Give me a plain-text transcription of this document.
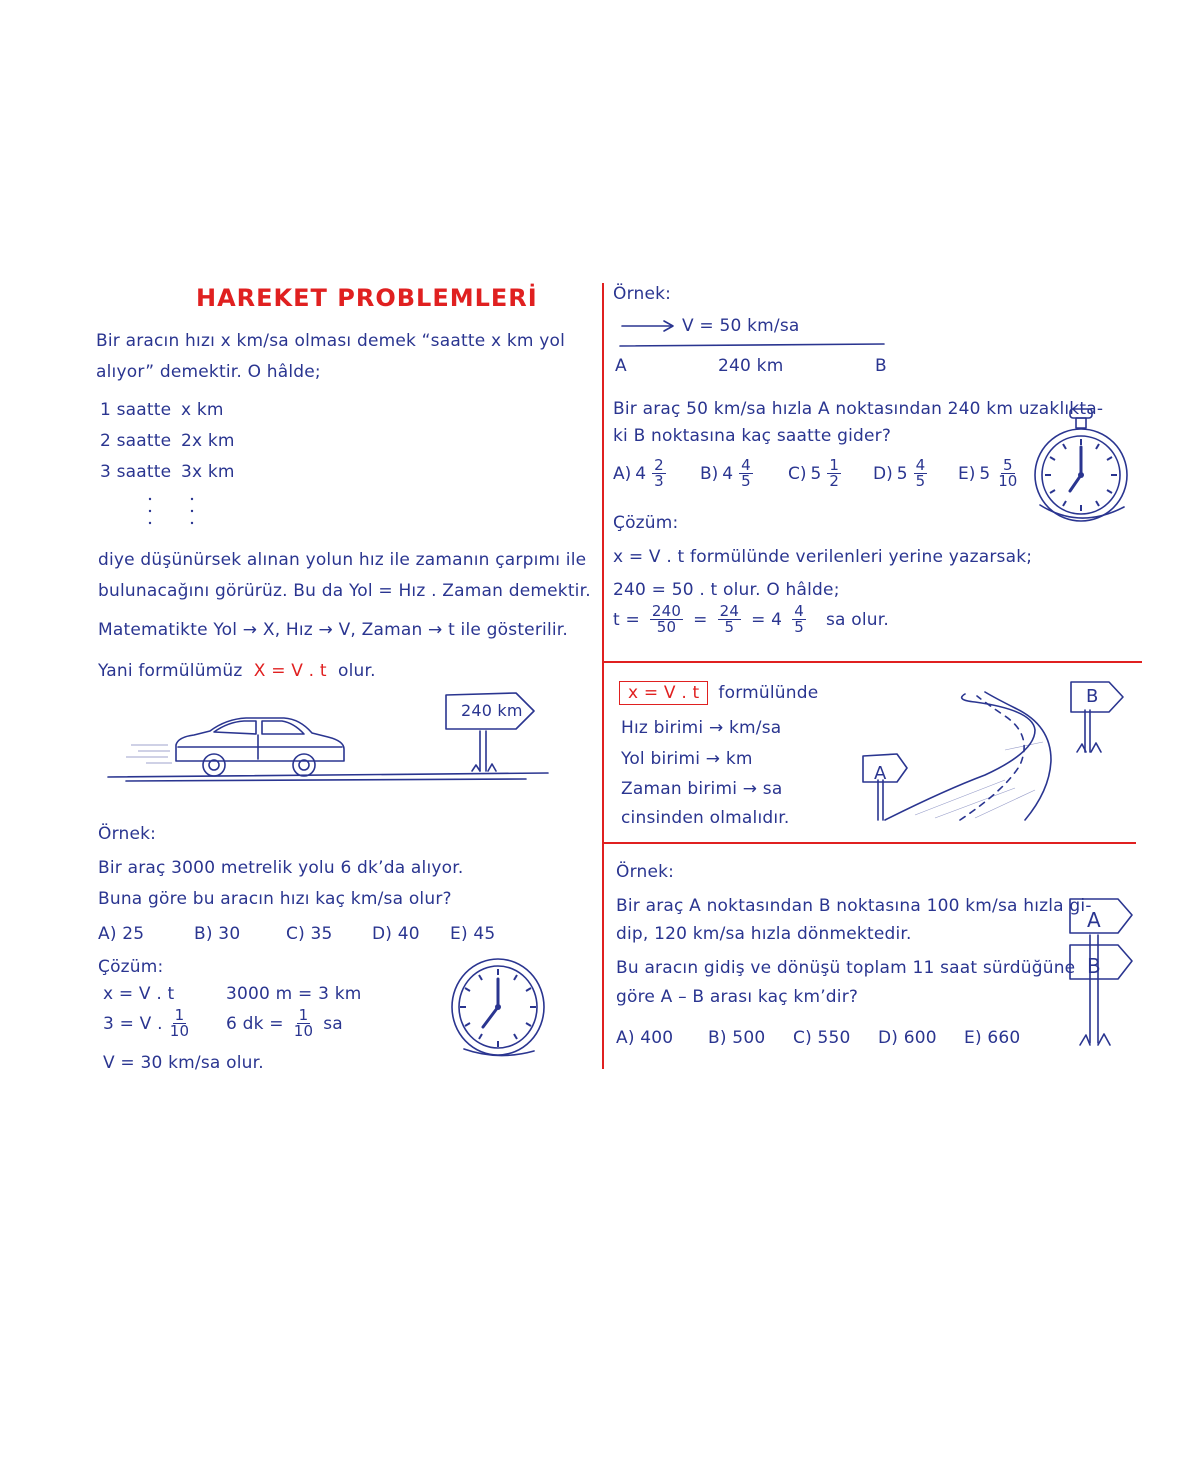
HAREKET PROBLEMLERİ
Bir aracın hızı x km/sa olması demek “saatte x km yol
alıyor” demektir. O hâlde;
1 saatte x km
2 saatte 2x km
3 saatte 3x km
diye düşünürsek alınan yolun hız ile zamanın çarpımı ile
bulunacağını görürüz. Bu da Yol = Hız . Zaman demektir.
Matematikte Yol → X, Hız → V, Zaman → t ile gösterilir.
Yani formülümüz X = V . t olur.
240 km
Örnek:
Bir araç 3000 metrelik yolu 6 dk’da alıyor.
Buna göre bu aracın hızı kaç km/sa olur?
A) 25	B) 30	C) 35 D) 40 E) 45
Çözüm:
x = V . t	3000 m = 3 km
3 = V . $\frac{1}{10} 6$ dk = $\frac{1}{10}$ sa
V = 30 km/sa olur.
Örnek:
V = 50 km/sa
A	240 km	B
Bir araç 50 km/sa hızla A noktasından 240 km uzaklıkta-
ki B noktasına kaç saatte gider?
A) $4 \frac{2}{3} B$) $4 \frac{4}{5} C$) $5 \frac{1}{2} D$) $5 \frac{4}{5} E$) $5 \frac{5}{10}$
Çözüm:
x = V . t formülünde verilenleri yerine yazarsak;
240 = 50 . t olur. O hâlde;
$t = \frac{240}{50} = \frac{24}{5} = 4 \frac{4}{5}$ sa olur.
x = V . t	formülünde
Hız birimi → km/sa
Yol birimi → km
Zaman birimi → sa
cinsinden olmalıdır.
A
B
Örnek:
Bir araç A noktasından B noktasına 100 km/sa hızla gi-
dip, 120 km/sa hızla dönmektedir.
Bu aracın gidiş ve dönüşü toplam 11 saat sürdüğüne
göre A – B arası kaç km’dir?
A) 400 B) 500 C) 550 D) 600 E) 660
A
B
